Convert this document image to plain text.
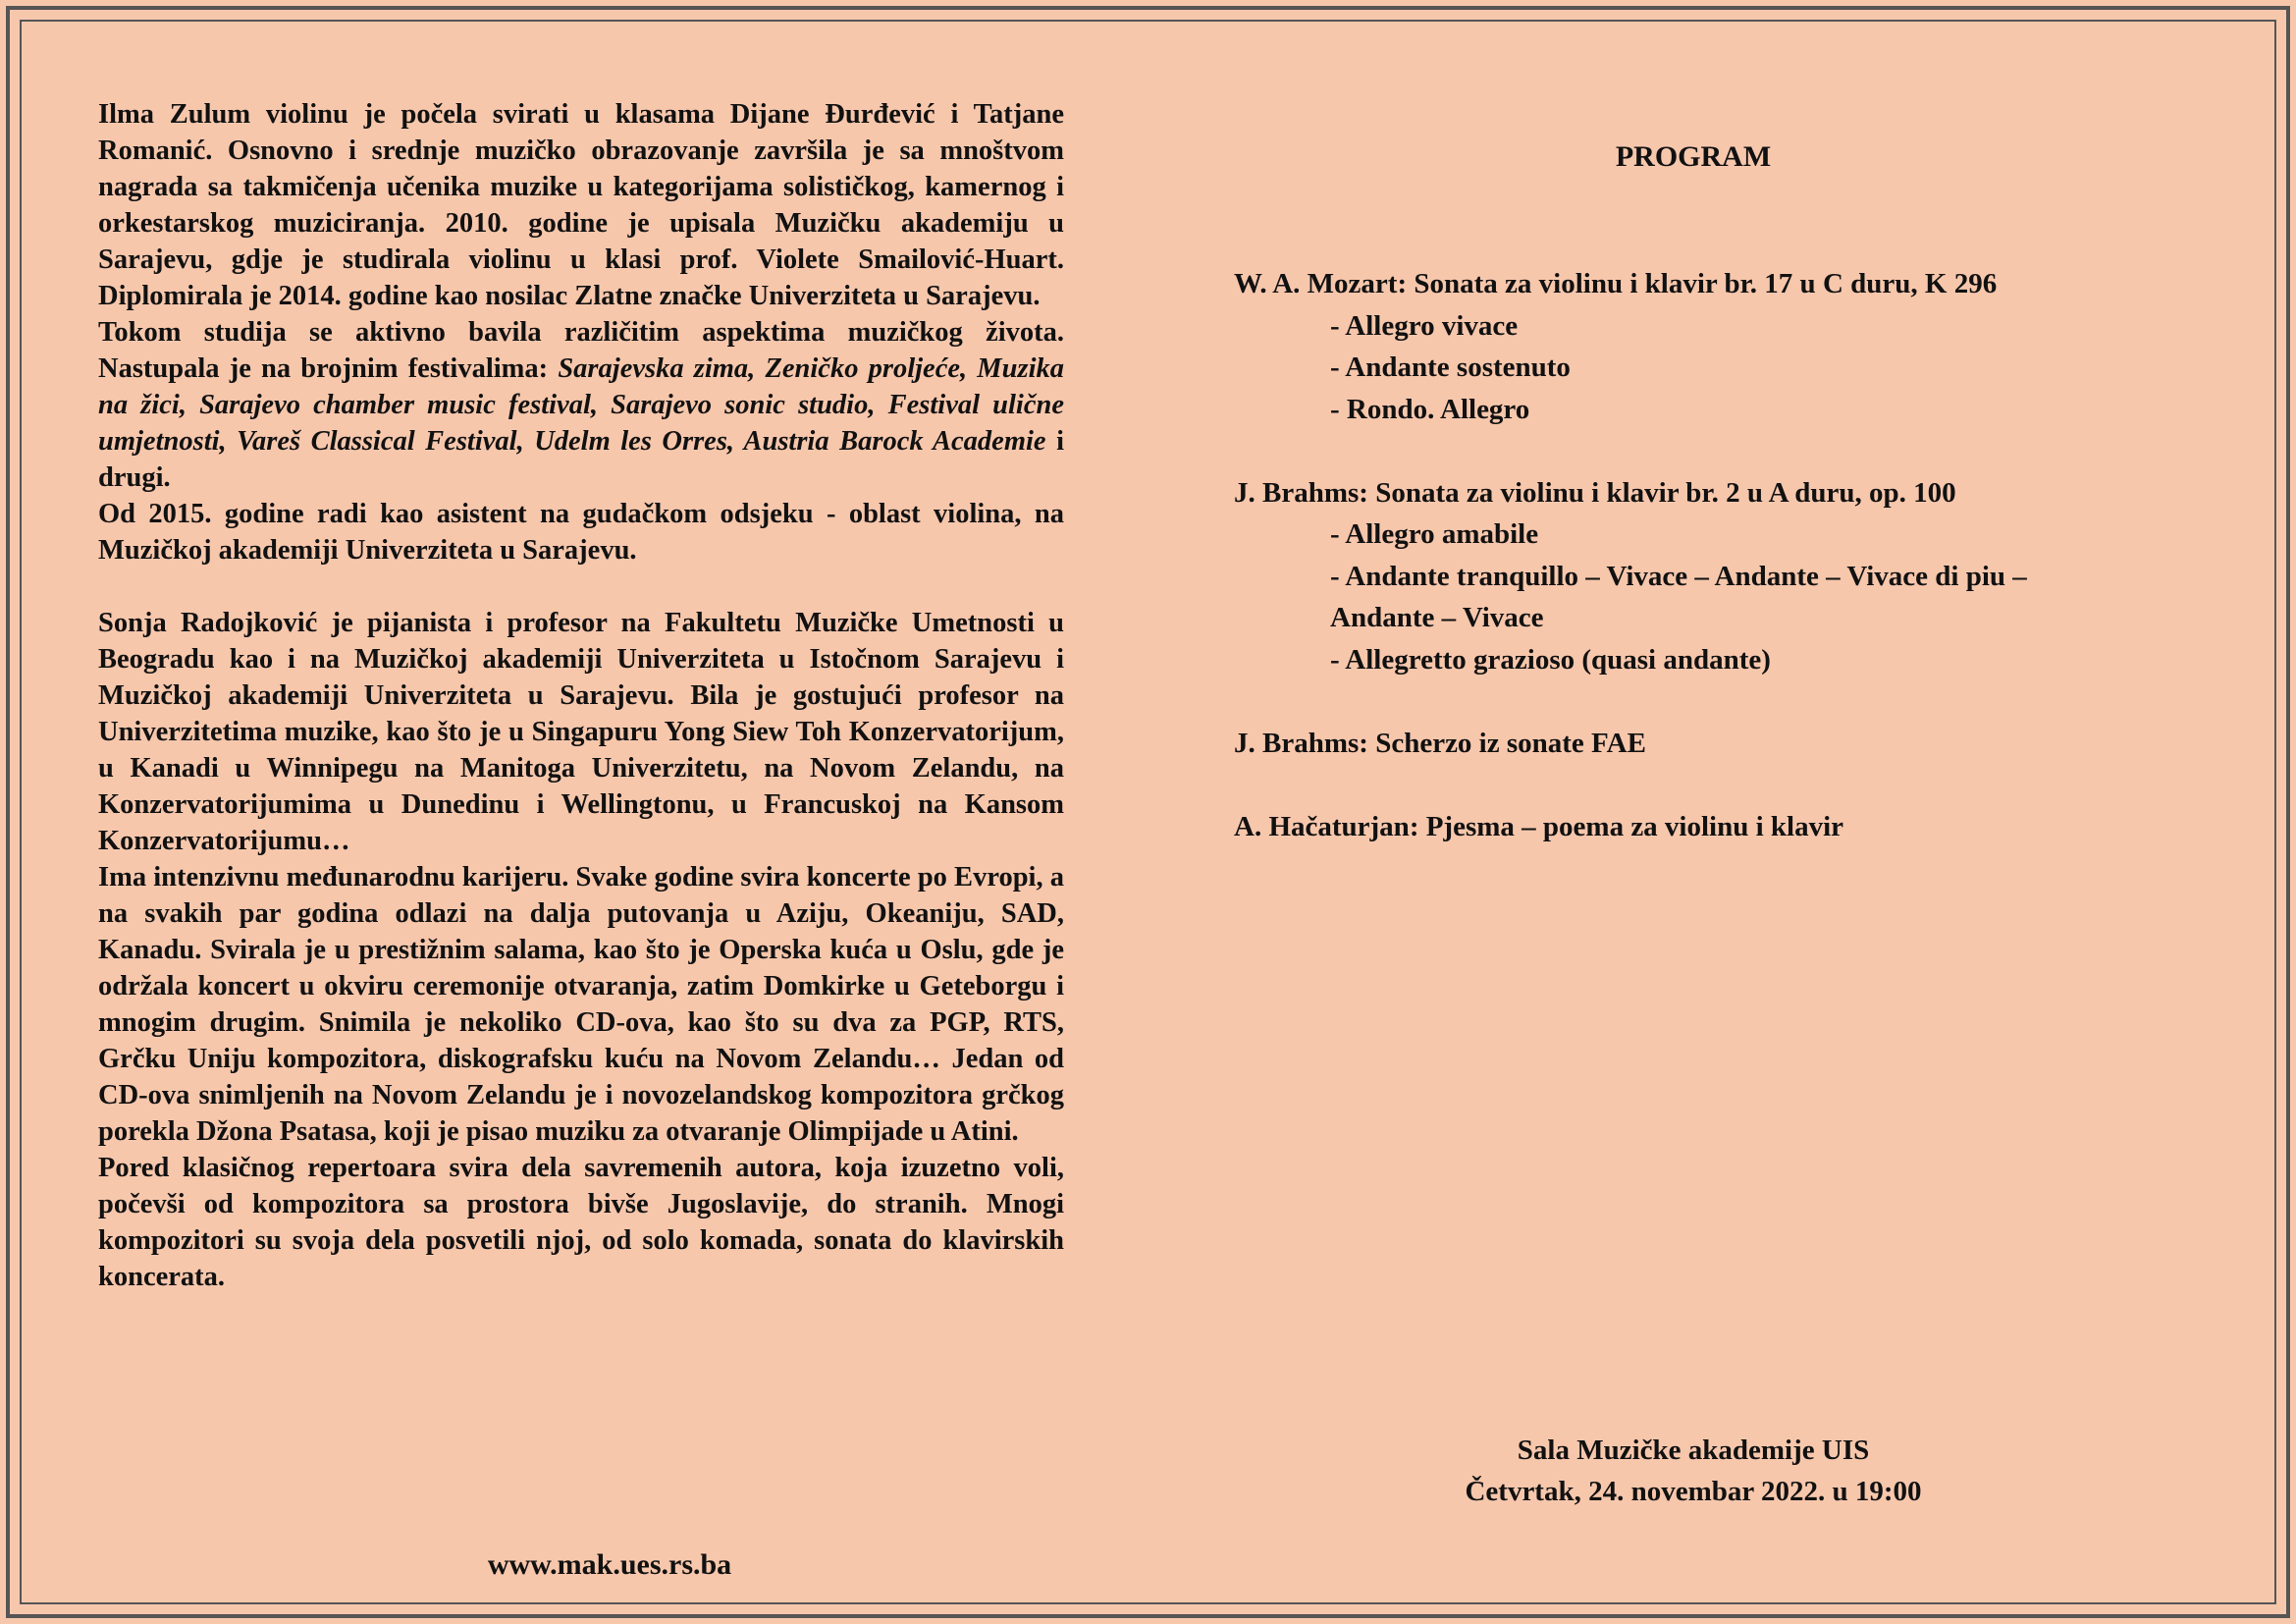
Ilma Zulum violinu je počela svirati u klasama Dijane Đurđević i Tatjane Romanić. Osnovno i srednje muzičko obrazovanje završila je sa mnoštvom nagrada sa takmičenja učenika muzike u kategorijama solističkog, kamernog i orkestarskog muziciranja. 2010. godine je upisala Muzičku akademiju u Sarajevu, gdje je studirala violinu u klasi prof. Violete Smailović-Huart. Diplomirala je 2014. godine kao nosilac Zlatne značke Univerziteta u Sarajevu.

Tokom studija se aktivno bavila različitim aspektima muzičkog života. Nastupala je na brojnim festivalima: Sarajevska zima, Zeničko proljeće, Muzika na žici, Sarajevo chamber music festival, Sarajevo sonic studio, Festival ulične umjetnosti, Vareš Classical Festival, Udelm les Orres, Austria Barock Academie i drugi.

Od 2015. godine radi kao asistent na gudačkom odsjeku - oblast violina, na Muzičkoj akademiji Univerziteta u Sarajevu.

Sonja Radojković je pijanista i profesor na Fakultetu Muzičke Umetnosti u Beogradu kao i na Muzičkoj akademiji Univerziteta u Istočnom Sarajevu i Muzičkoj akademiji Univerziteta u Sarajevu. Bila je gostujući profesor na Univerzitetima muzike, kao što je u Singapuru Yong Siew Toh Konzervatorijum, u Kanadi u Winnipegu na Manitoga Univerzitetu, na Novom Zelandu, na Konzervatorijumima u Dunedinu i Wellingtonu, u Francuskoj na Kansom Konzervatorijumu…

Ima intenzivnu međunarodnu karijeru. Svake godine svira koncerte po Evropi, a na svakih par godina odlazi na dalja putovanja u Aziju, Okeaniju, SAD, Kanadu. Svirala je u prestižnim salama, kao što je Operska kuća u Oslu, gde je održala koncert u okviru ceremonije otvaranja, zatim Domkirke u Geteborgu i mnogim drugim. Snimila je nekoliko CD-ova, kao što su dva za PGP, RTS, Grčku Uniju kompozitora, diskografsku kuću na Novom Zelandu… Jedan od CD-ova snimljenih na Novom Zelandu je i novozelandskog kompozitora grčkog porekla Džona Psatasa, koji je pisao muziku za otvaranje Olimpijade u Atini.

Pored klasičnog repertoara svira dela savremenih autora, koja izuzetno voli, počevši od kompozitora sa prostora bivše Jugoslavije, do stranih. Mnogi kompozitori su svoja dela posvetili njoj, od solo komada, sonata do klavirskih koncerata.

www.mak.ues.rs.ba
PROGRAM

W. A. Mozart: Sonata za violinu i klavir br. 17 u C duru, K 296

- Allegro vivace

- Andante sostenuto

- Rondo. Allegro

J. Brahms: Sonata za violinu i klavir br. 2 u A duru, op. 100

- Allegro amabile

- Andante tranquillo – Vivace – Andante – Vivace di piu –

Andante – Vivace

- Allegretto grazioso (quasi andante)

J. Brahms: Scherzo iz sonate FAE

A. Hačaturjan: Pjesma – poema za violinu i klavir

Sala Muzičke akademije UIS
Četvrtak, 24. novembar 2022. u 19:00
